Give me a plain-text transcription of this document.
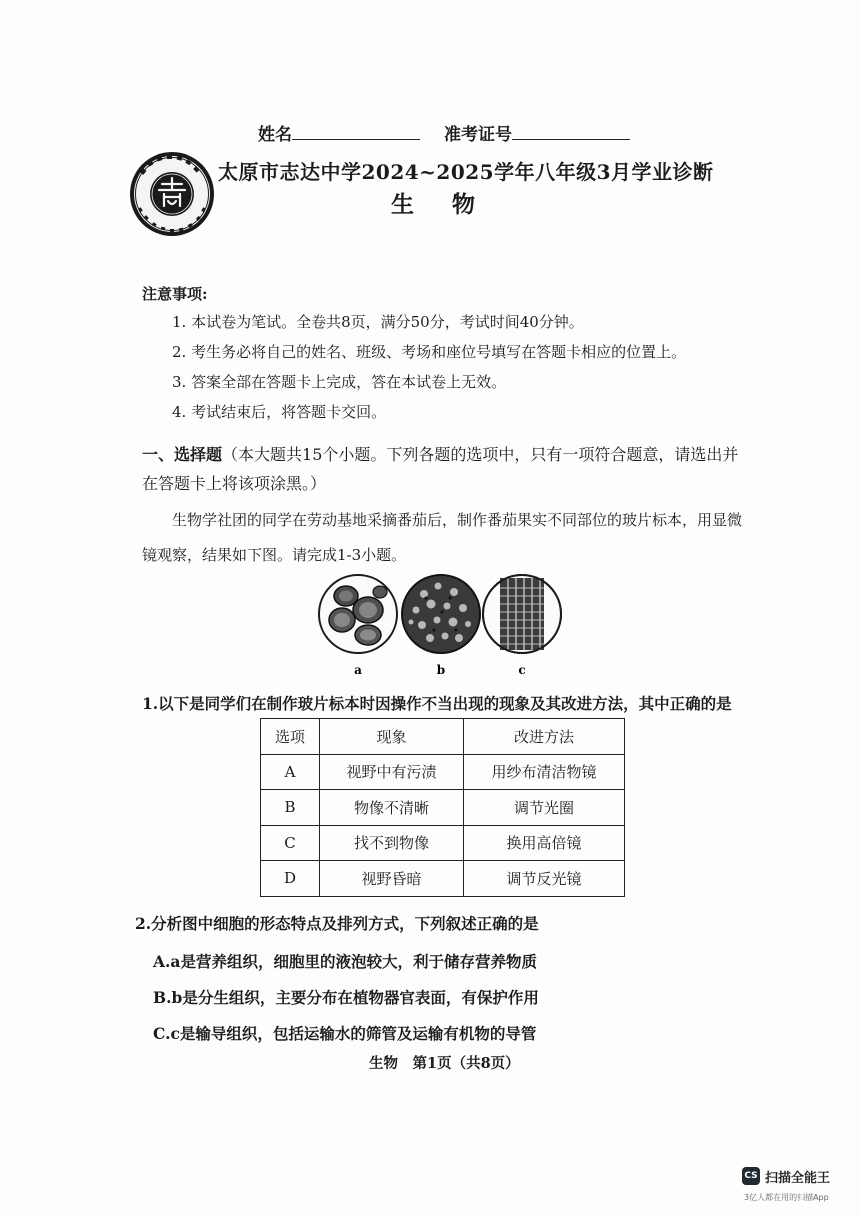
姓名	准考证号
太原市志达中学2024~2025学年八年级3月学业诊断
生物
注意事项:
1. 本试卷为笔试。全卷共8页，满分50分，考试时间40分钟。
2. 考生务必将自己的姓名、班级、考场和座位号填写在答题卡相应的位置上。
3. 答案全部在答题卡上完成，答在本试卷上无效。
4. 考试结束后，将答题卡交回。
一、选择题（本大题共15个小题。下列各题的选项中，只有一项符合题意，请选出并在答题卡上将该项涂黑。）
生物学社团的同学在劳动基地采摘番茄后，制作番茄果实不同部位的玻片标本，用显微镜观察，结果如下图。请完成1-3小题。
a	b	c
1.以下是同学们在制作玻片标本时因操作不当出现的现象及其改进方法，其中正确的是
选项	现象	改进方法
A	视野中有污渍	用纱布清洁物镜
B	物像不清晰	调节光圈
C	找不到物像	换用高倍镜
D	视野昏暗	调节反光镜
2.分析图中细胞的形态特点及排列方式，下列叙述正确的是
A.a是营养组织，细胞里的液泡较大，利于储存营养物质
B.b是分生组织，主要分布在植物器官表面，有保护作用
C.c是输导组织，包括运输水的筛管及运输有机物的导管
生物　第1页（共8页）
CS 扫描全能王
3亿人都在用的扫描App
